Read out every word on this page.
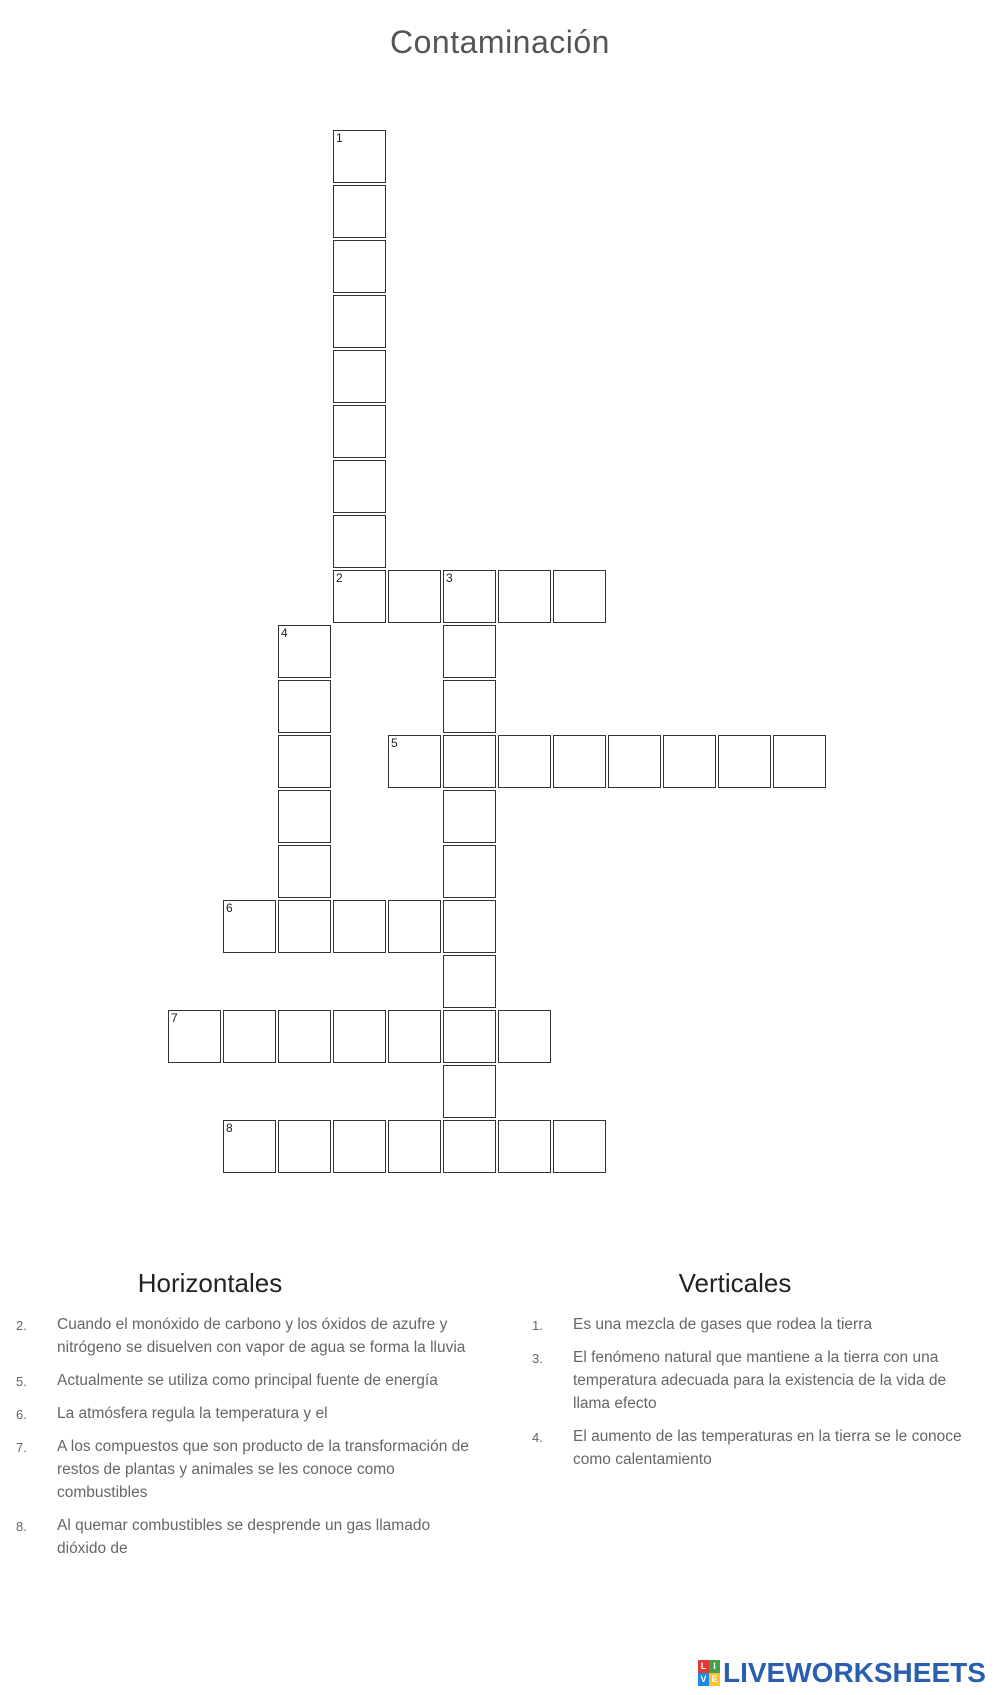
Contaminación
1
2	3
4
5
6
7
8
Horizontales
2. Cuando el monóxido de carbono y los óxidos de azufre y nitrógeno se disuelven con vapor de agua se forma la lluvia
5. Actualmente se utiliza como principal fuente de energía
6. La atmósfera regula la temperatura y el
7. A los compuestos que son producto de la transformación de restos de plantas y animales se les conoce como combustibles
8. Al quemar combustibles se desprende un gas llamado dióxido de
Verticales
1. Es una mezcla de gases que rodea la tierra
3. El fenómeno natural que mantiene a la tierra con una temperatura adecuada para la existencia de la vida de llama efecto
4. El aumento de las temperaturas en la tierra se le conoce como calentamiento
L I
V E LIVEWORKSHEETS
